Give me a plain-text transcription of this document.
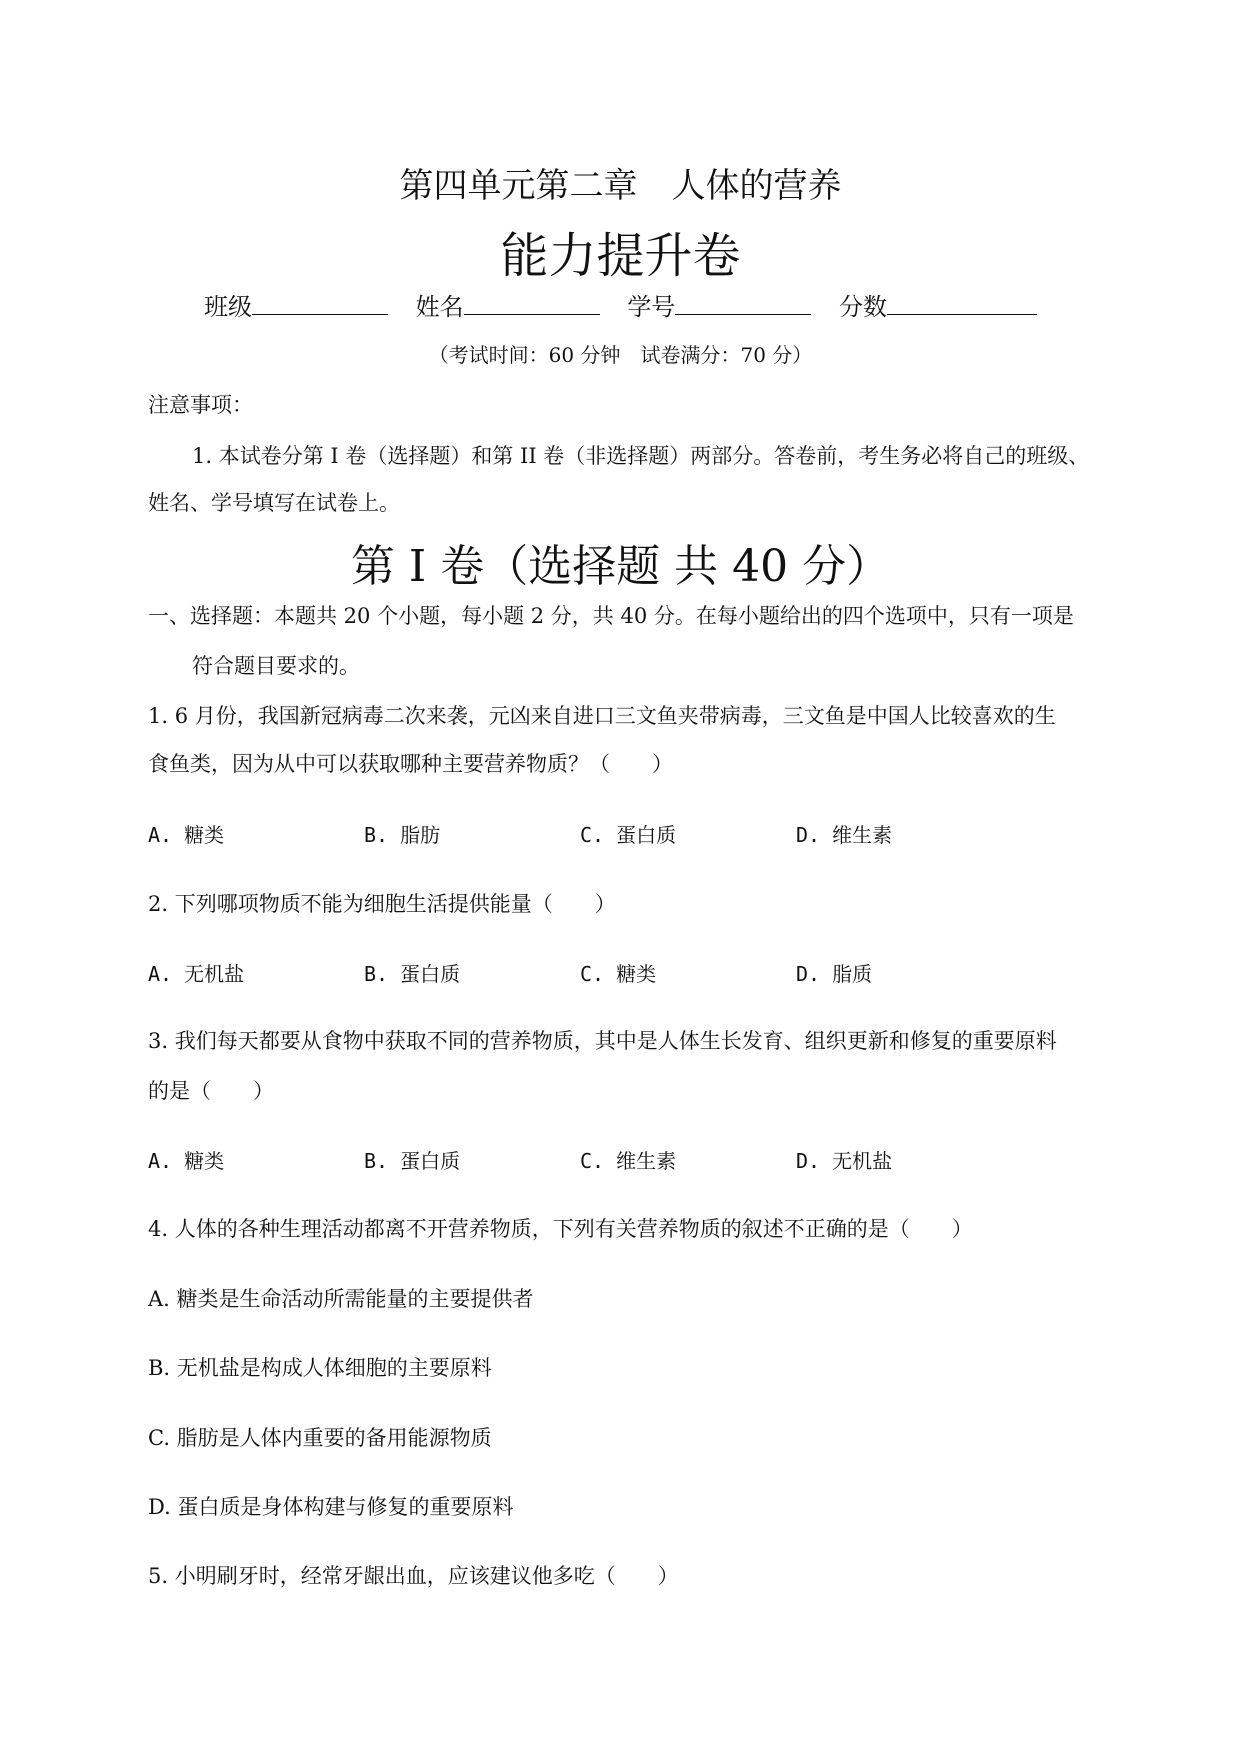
第四单元第二章　人体的营养
能力提升卷
班级	姓名	学号	分数
（考试时间：60 分钟　试卷满分：70 分）
注意事项：
1. 本试卷分第 I 卷（选择题）和第 II 卷（非选择题）两部分。答卷前，考生务必将自己的班级、
姓名、学号填写在试卷上。
第 I 卷（选择题 共 40 分）
一、选择题：本题共 20 个小题，每小题 2 分，共 40 分。在每小题给出的四个选项中，只有一项是
符合题目要求的。
1. 6 月份，我国新冠病毒二次来袭，元凶来自进口三文鱼夹带病毒，三文鱼是中国人比较喜欢的生
食鱼类，因为从中可以获取哪种主要营养物质？（　　）
A. 糖类	B. 脂肪	C. 蛋白质	D. 维生素
2. 下列哪项物质不能为细胞生活提供能量（　　）
A. 无机盐	B. 蛋白质	C. 糖类	D. 脂质
3. 我们每天都要从食物中获取不同的营养物质，其中是人体生长发育、组织更新和修复的重要原料
的是（　　）
A. 糖类	B. 蛋白质	C. 维生素	D. 无机盐
4. 人体的各种生理活动都离不开营养物质，下列有关营养物质的叙述不正确的是（　　）
A. 糖类是生命活动所需能量的主要提供者
B. 无机盐是构成人体细胞的主要原料
C. 脂肪是人体内重要的备用能源物质
D. 蛋白质是身体构建与修复的重要原料
5. 小明刷牙时，经常牙龈出血，应该建议他多吃（　　）
